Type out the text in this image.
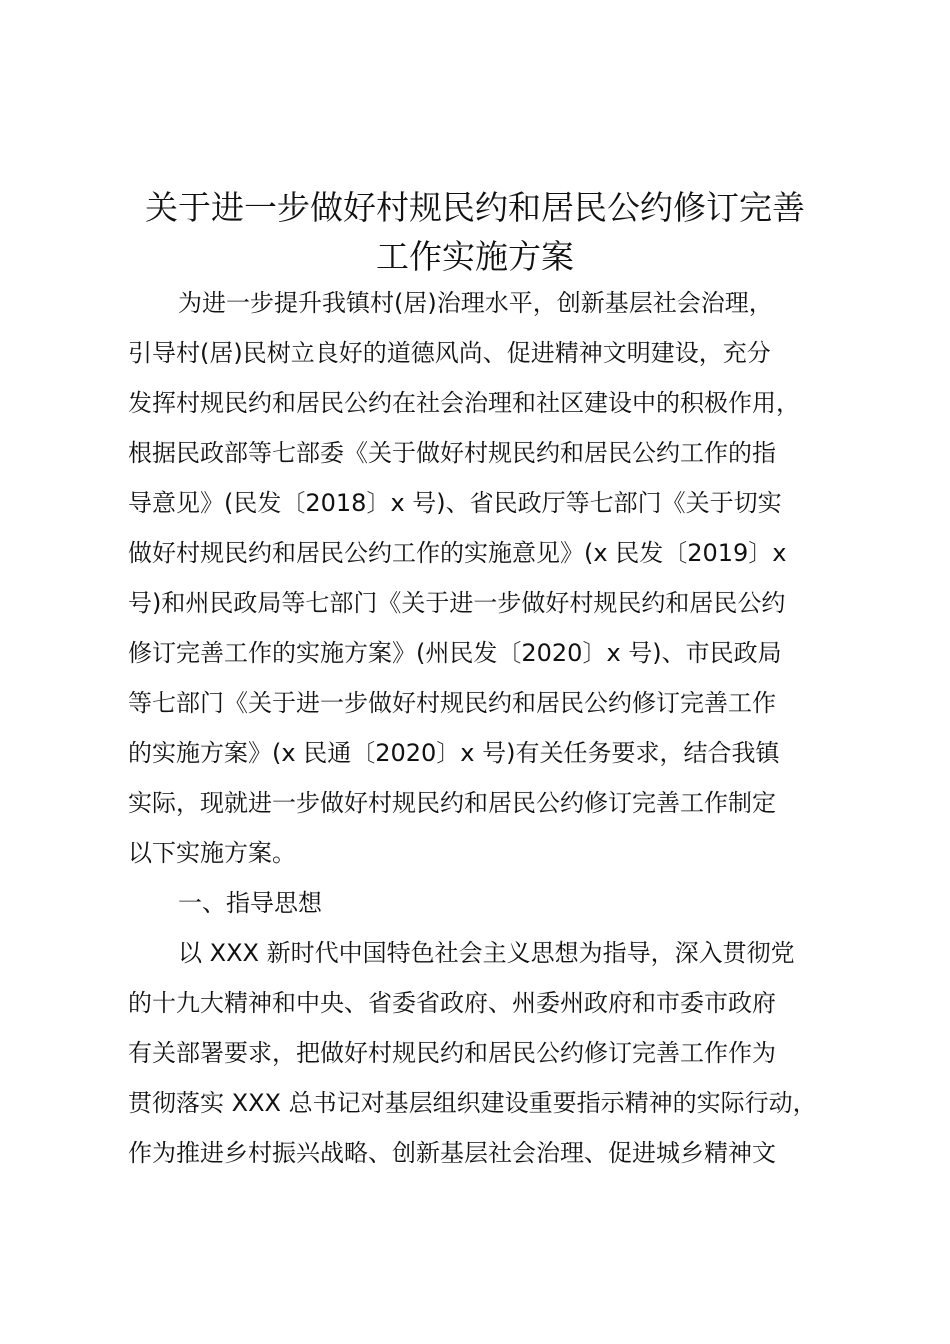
关于进一步做好村规民约和居民公约修订完善
工作实施方案
为进一步提升我镇村(居)治理水平，创新基层社会治理，
引导村(居)民树立良好的道德风尚、促进精神文明建设，充分
发挥村规民约和居民公约在社会治理和社区建设中的积极作用，
根据民政部等七部委《关于做好村规民约和居民公约工作的指
导意见》(民发〔2018〕x 号)、省民政厅等七部门《关于切实
做好村规民约和居民公约工作的实施意见》(x 民发〔2019〕x
号)和州民政局等七部门《关于进一步做好村规民约和居民公约
修订完善工作的实施方案》(州民发〔2020〕x 号)、市民政局
等七部门《关于进一步做好村规民约和居民公约修订完善工作
的实施方案》(x 民通〔2020〕x 号)有关任务要求，结合我镇
实际，现就进一步做好村规民约和居民公约修订完善工作制定
以下实施方案。
一、指导思想
以 XXX 新时代中国特色社会主义思想为指导，深入贯彻党
的十九大精神和中央、省委省政府、州委州政府和市委市政府
有关部署要求，把做好村规民约和居民公约修订完善工作作为
贯彻落实 XXX 总书记对基层组织建设重要指示精神的实际行动，
作为推进乡村振兴战略、创新基层社会治理、促进城乡精神文
